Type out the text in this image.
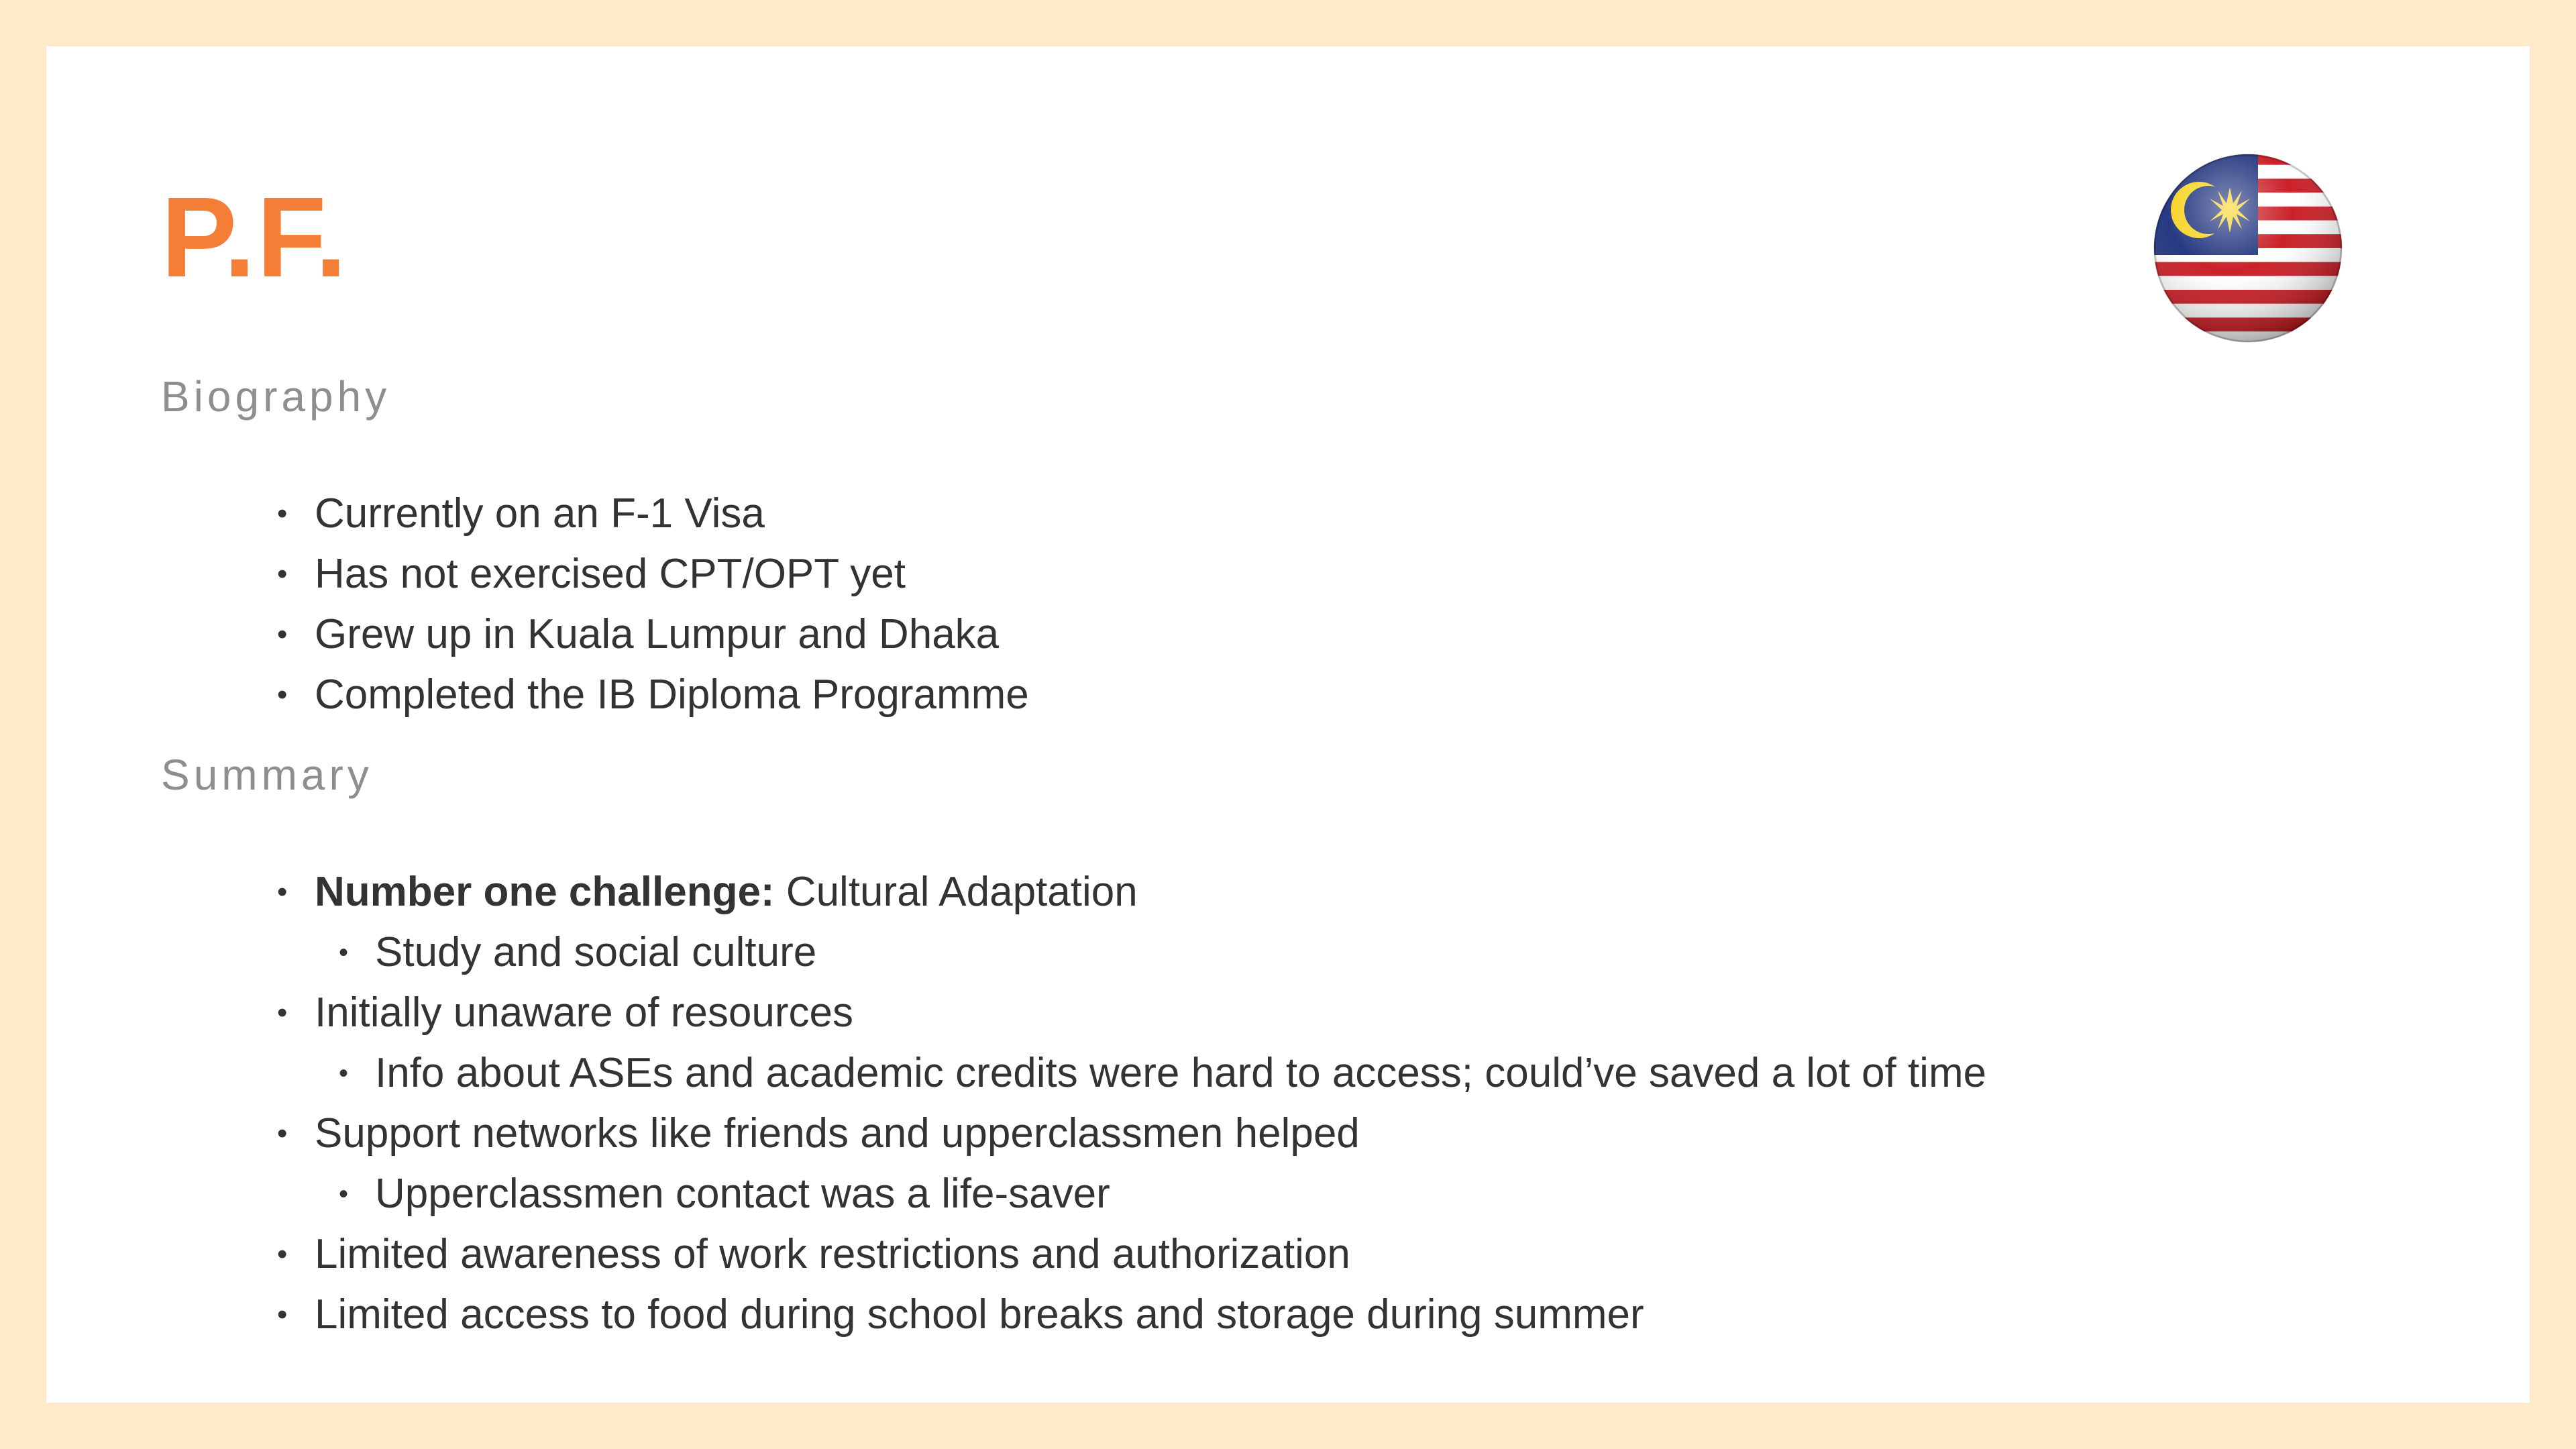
P.F.
Biography
• Currently on an F-1 Visa
• Has not exercised CPT/OPT yet
• Grew up in Kuala Lumpur and Dhaka
• Completed the IB Diploma Programme
Summary
• Number one challenge: Cultural Adaptation
• Study and social culture
• Initially unaware of resources
• Info about ASEs and academic credits were hard to access; could’ve saved a lot of time
• Support networks like friends and upperclassmen helped
• Upperclassmen contact was a life-saver
• Limited awareness of work restrictions and authorization
• Limited access to food during school breaks and storage during summer
